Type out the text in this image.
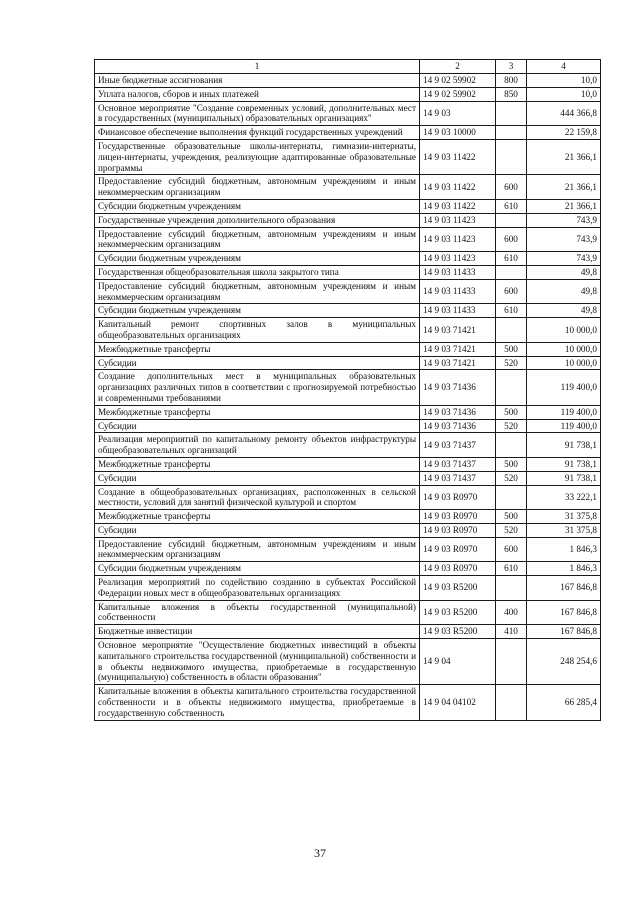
1	2	3	4
Иные бюджетные ассигнования	14 9 02 59902	800	10,0
Уплата налогов, сборов и иных платежей	14 9 02 59902	850	10,0
Основное мероприятие "Создание современных условий, дополнительных мест в государственных (муниципальных) образовательных организациях"	14 9 03		444 366,8
Финансовое обеспечение выполнения функций государственных учреждений	14 9 03 10000		22 159,8
Государственные образовательные школы-интернаты, гимназии-интернаты, лицеи-интернаты, учреждения, реализующие адаптированные образовательные программы	14 9 03 11422		21 366,1
Предоставление субсидий бюджетным, автономным учреждениям и иным некоммерческим организациям	14 9 03 11422	600	21 366,1
Субсидии бюджетным учреждениям	14 9 03 11422	610	21 366,1
Государственные учреждения дополнительного образования	14 9 03 11423		743,9
Предоставление субсидий бюджетным, автономным учреждениям и иным некоммерческим организациям	14 9 03 11423	600	743,9
Субсидии бюджетным учреждениям	14 9 03 11423	610	743,9
Государственная общеобразовательная школа закрытого типа	14 9 03 11433		49,8
Предоставление субсидий бюджетным, автономным учреждениям и иным некоммерческим организациям	14 9 03 11433	600	49,8
Субсидии бюджетным учреждениям	14 9 03 11433	610	49,8
Капитальный ремонт спортивных залов в муниципальных общеобразовательных организациях	14 9 03 71421		10 000,0
Межбюджетные трансферты	14 9 03 71421	500	10 000,0
Субсидии	14 9 03 71421	520	10 000,0
Создание дополнительных мест в муниципальных образовательных организациях различных типов в соответствии с прогнозируемой потребностью и современными требованиями	14 9 03 71436		119 400,0
Межбюджетные трансферты	14 9 03 71436	500	119 400,0
Субсидии	14 9 03 71436	520	119 400,0
Реализация мероприятий по капитальному ремонту объектов инфраструктуры общеобразовательных организаций	14 9 03 71437		91 738,1
Межбюджетные трансферты	14 9 03 71437	500	91 738,1
Субсидии	14 9 03 71437	520	91 738,1
Создание в общеобразовательных организациях, расположенных в сельской местности, условий для занятий физической культурой и спортом	14 9 03 R0970		33 222,1
Межбюджетные трансферты	14 9 03 R0970	500	31 375,8
Субсидии	14 9 03 R0970	520	31 375,8
Предоставление субсидий бюджетным, автономным учреждениям и иным некоммерческим организациям	14 9 03 R0970	600	1 846,3
Субсидии бюджетным учреждениям	14 9 03 R0970	610	1 846,3
Реализация мероприятий по содействию созданию в субъектах Российской Федерации новых мест в общеобразовательных организациях	14 9 03 R5200		167 846,8
Капитальные вложения в объекты государственной (муниципальной) собственности	14 9 03 R5200	400	167 846,8
Бюджетные инвестиции	14 9 03 R5200	410	167 846,8
Основное мероприятие "Осуществление бюджетных инвестиций в объекты капитального строительства государственной (муниципальной) собственности и в объекты недвижимого имущества, приобретаемые в государственную (муниципальную) собственность в области образования"	14 9 04		248 254,6
Капитальные вложения в объекты капитального строительства государственной собственности и в объекты недвижимого имущества, приобретаемые в государственную собственность	14 9 04 04102		66 285,4
37
